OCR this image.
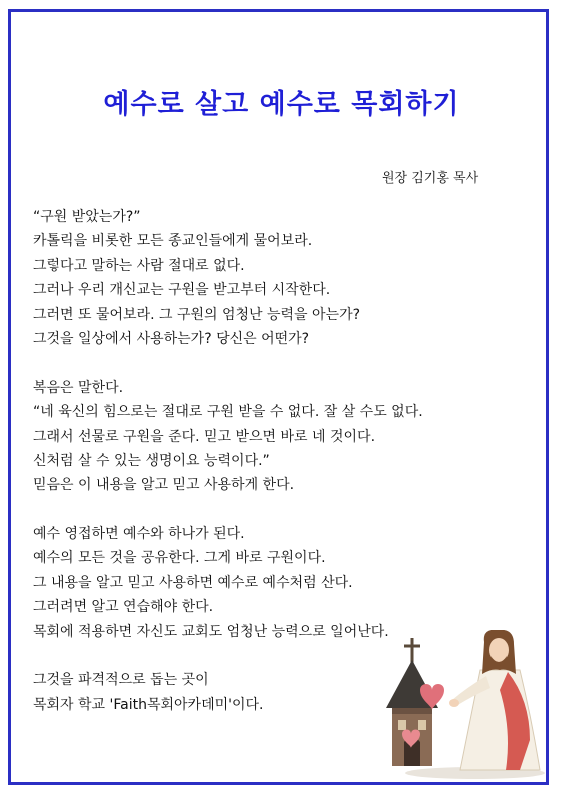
예수로 살고 예수로 목회하기
원장 김기홍 목사
“구원 받았는가?”
카톨릭을 비롯한 모든 종교인들에게 물어보라.
그렇다고 말하는 사람 절대로 없다.
그러나 우리 개신교는 구원을 받고부터 시작한다.
그러면 또 물어보라. 그 구원의 엄청난 능력을 아는가?
그것을 일상에서 사용하는가? 당신은 어떤가?
복음은 말한다.
“네 육신의 힘으로는 절대로 구원 받을 수 없다. 잘 살 수도 없다.
그래서 선물로 구원을 준다. 믿고 받으면 바로 네 것이다.
신처럼 살 수 있는 생명이요 능력이다.”
믿음은 이 내용을 알고 믿고 사용하게 한다.
예수 영접하면 예수와 하나가 된다.
예수의 모든 것을 공유한다. 그게 바로 구원이다.
그 내용을 알고 믿고 사용하면 예수로 예수처럼 산다.
그러려면 알고 연습해야 한다.
목회에 적용하면 자신도 교회도 엄청난 능력으로 일어난다.
그것을 파격적으로 돕는 곳이
목회자 학교 'Faith목회아카데미'이다.
